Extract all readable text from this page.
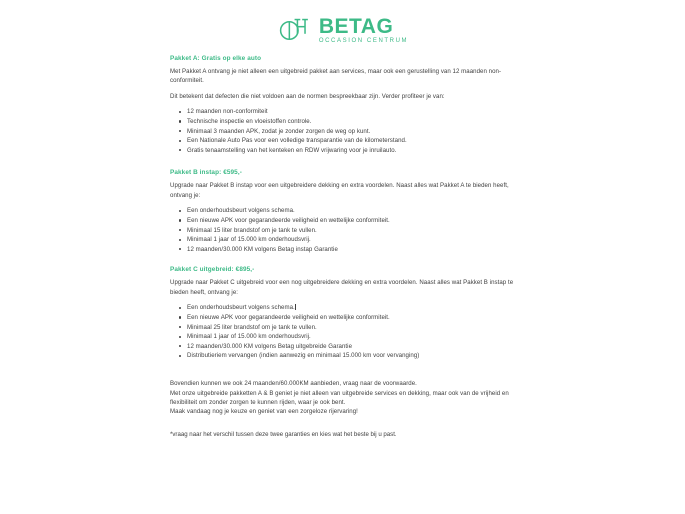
BETAG
OCCASION CENTRUM

Pakket A: Gratis op elke auto

Met Pakket A ontvang je niet alleen een uitgebreid pakket aan services, maar ook een gerustelling van 12 maanden non-conformiteit.

Dit betekent dat defecten die niet voldoen aan de normen bespreekbaar zijn. Verder profiteer je van:

12 maanden non-conformiteit
Technische inspectie en vloeistoffen controle.
Minimaal 3 maanden APK, zodat je zonder zorgen de weg op kunt.
Een Nationale Auto Pas voor een volledige transparantie van de kilometerstand.
Gratis tenaamstelling van het kenteken en RDW vrijwaring voor je inruilauto.

Pakket B instap: €595,-

Upgrade naar Pakket B instap voor een uitgebreidere dekking en extra voordelen. Naast alles wat Pakket A te bieden heeft, ontvang je:

Een onderhoudsbeurt volgens schema.
Een nieuwe APK voor gegarandeerde veiligheid en wettelijke conformiteit.
Minimaal 15 liter brandstof om je tank te vullen.
Minimaal 1 jaar of 15.000 km onderhoudsvrij.
12 maanden/30.000 KM volgens Betag instap Garantie

Pakket C uitgebreid: €895,-

Upgrade naar Pakket C uitgebreid voor een nog uitgebreidere dekking en extra voordelen. Naast alles wat Pakket B instap te bieden heeft, ontvang je:

Een onderhoudsbeurt volgens schema.
Een nieuwe APK voor gegarandeerde veiligheid en wettelijke conformiteit.
Minimaal 25 liter brandstof om je tank te vullen.
Minimaal 1 jaar of 15.000 km onderhoudsvrij.
12 maanden/30.000 KM volgens Betag uitgebreide Garantie
Distributieriem vervangen (indien aanwezig en minimaal 15.000 km voor vervanging)

Bovendien kunnen we ook 24 maanden/60.000KM aanbieden, vraag naar de voorwaarde.

Met onze uitgebreide pakketten A & B geniet je niet alleen van uitgebreide services en dekking, maar ook van de vrijheid en flexibiliteit om zonder zorgen te kunnen rijden, waar je ook bent.

Maak vandaag nog je keuze en geniet van een zorgeloze rijervaring!

*vraag naar het verschil tussen deze twee garanties en kies wat het beste bij u past.
